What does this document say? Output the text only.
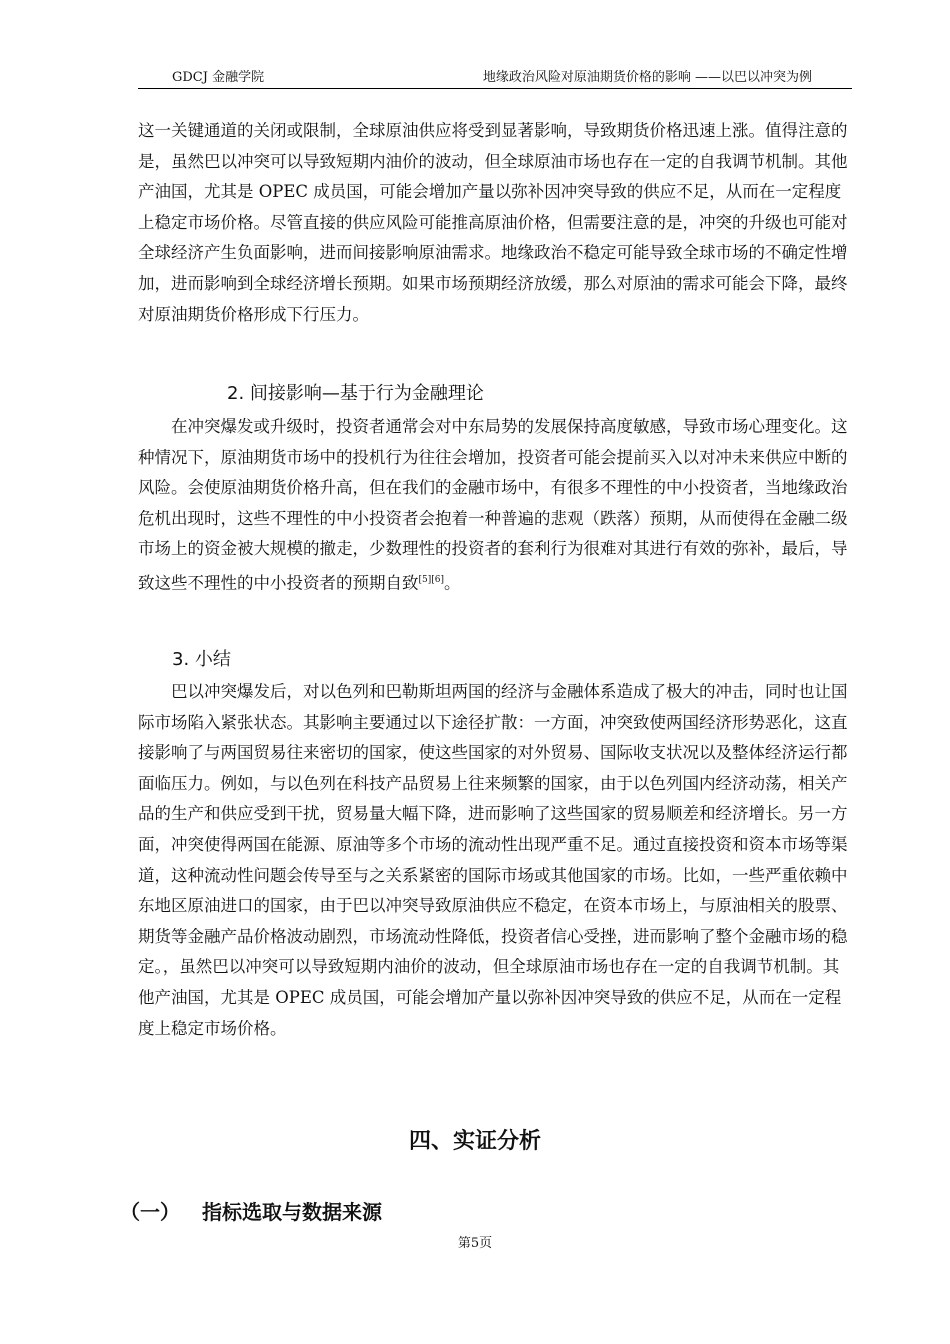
GDCJ 金融学院	地缘政治风险对原油期货价格的影响 ——以巴以冲突为例

这一关键通道的关闭或限制，全球原油供应将受到显著影响，导致期货价格迅速上涨。值得注意的是，虽然巴以冲突可以导致短期内油价的波动，但全球原油市场也存在一定的自我调节机制。其他产油国，尤其是 OPEC 成员国，可能会增加产量以弥补因冲突导致的供应不足，从而在一定程度上稳定市场价格。尽管直接的供应风险可能推高原油价格，但需要注意的是，冲突的升级也可能对全球经济产生负面影响，进而间接影响原油需求。地缘政治不稳定可能导致全球市场的不确定性增加，进而影响到全球经济增长预期。如果市场预期经济放缓，那么对原油的需求可能会下降，最终对原油期货价格形成下行压力。

2. 间接影响—基于行为金融理论

在冲突爆发或升级时，投资者通常会对中东局势的发展保持高度敏感，导致市场心理变化。这种情况下，原油期货市场中的投机行为往往会增加，投资者可能会提前买入以对冲未来供应中断的风险。会使原油期货价格升高，但在我们的金融市场中，有很多不理性的中小投资者，当地缘政治危机出现时，这些不理性的中小投资者会抱着一种普遍的悲观（跌落）预期，从而使得在金融二级市场上的资金被大规模的撤走，少数理性的投资者的套利行为很难对其进行有效的弥补，最后，导致这些不理性的中小投资者的预期自致[5][6]。

3. 小结

巴以冲突爆发后，对以色列和巴勒斯坦两国的经济与金融体系造成了极大的冲击，同时也让国际市场陷入紧张状态。其影响主要通过以下途径扩散：一方面，冲突致使两国经济形势恶化，这直接影响了与两国贸易往来密切的国家，使这些国家的对外贸易、国际收支状况以及整体经济运行都面临压力。例如，与以色列在科技产品贸易上往来频繁的国家，由于以色列国内经济动荡，相关产品的生产和供应受到干扰，贸易量大幅下降，进而影响了这些国家的贸易顺差和经济增长。另一方面，冲突使得两国在能源、原油等多个市场的流动性出现严重不足。通过直接投资和资本市场等渠道，这种流动性问题会传导至与之关系紧密的国际市场或其他国家的市场。比如，一些严重依赖中东地区原油进口的国家，由于巴以冲突导致原油供应不稳定，在资本市场上，与原油相关的股票、期货等金融产品价格波动剧烈，市场流动性降低，投资者信心受挫，进而影响了整个金融市场的稳定。，虽然巴以冲突可以导致短期内油价的波动，但全球原油市场也存在一定的自我调节机制。其他产油国，尤其是 OPEC 成员国，可能会增加产量以弥补因冲突导致的供应不足，从而在一定程度上稳定市场价格。

四、实证分析
（一） 指标选取与数据来源
第5页
